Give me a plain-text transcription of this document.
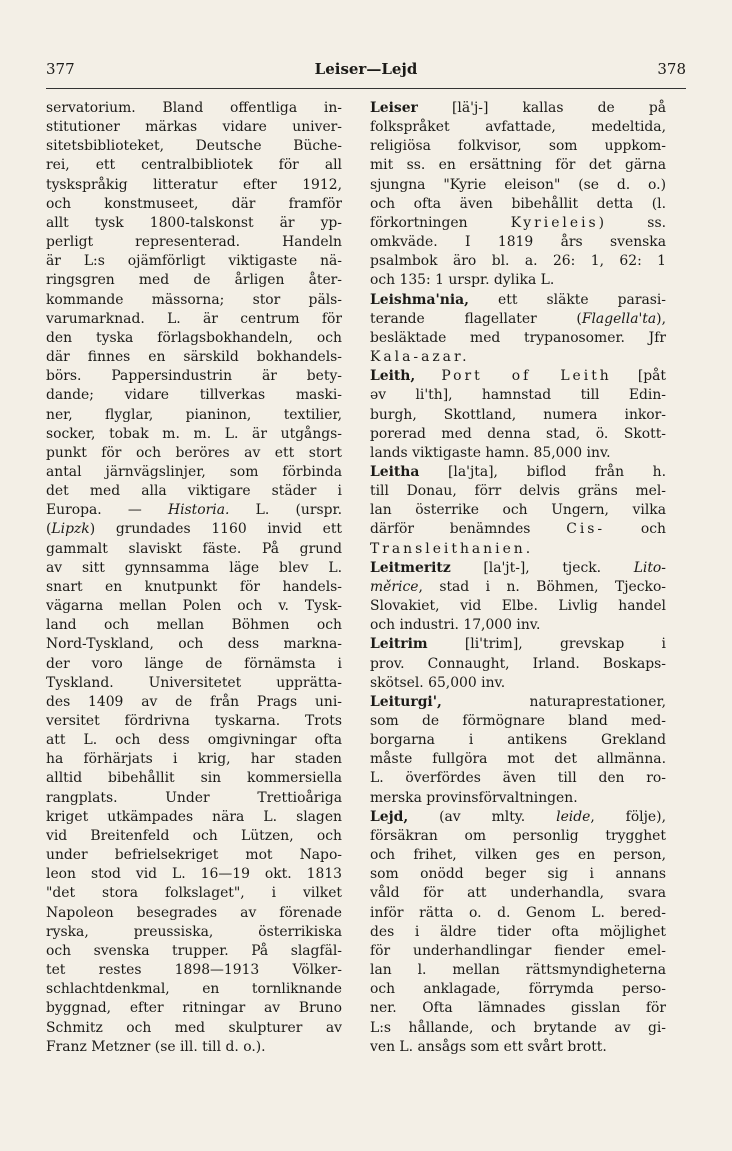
377	Leiser—Lejd	378
servatorium. Bland offentliga in-
stitutioner märkas vidare univer-
sitetsbiblioteket, Deutsche Büche-
rei, ett centralbibliotek för all
tyskspråkig litteratur efter 1912,
och konstmuseet, där framför
allt tysk 1800-talskonst är yp-
perligt representerad. Handeln
är L:s ojämförligt viktigaste nä-
ringsgren med de årligen åter-
kommande mässorna; stor päls-
varumarknad. L. är centrum för
den tyska förlagsbokhandeln, och
där finnes en särskild bokhandels-
börs. Pappersindustrin är bety-
dande; vidare tillverkas maski-
ner, flyglar, pianinon, textilier,
socker, tobak m. m. L. är utgångs-
punkt för och beröres av ett stort
antal järnvägslinjer, som förbinda
det med alla viktigare städer i
Europa. — Historia. L. (urspr.
(Lipzk) grundades 1160 invid ett
gammalt slaviskt fäste. På grund
av sitt gynnsamma läge blev L.
snart en knutpunkt för handels-
vägarna mellan Polen och v. Tysk-
land och mellan Böhmen och
Nord-Tyskland, och dess markna-
der voro länge de förnämsta i
Tyskland. Universitetet upprätta-
des 1409 av de från Prags uni-
versitet fördrivna tyskarna. Trots
att L. och dess omgivningar ofta
ha förhärjats i krig, har staden
alltid bibehållit sin kommersiella
rangplats. Under Trettioåriga
kriget utkämpades nära L. slagen
vid Breitenfeld och Lützen, och
under befrielsekriget mot Napo-
leon stod vid L. 16—19 okt. 1813
"det stora folkslaget", i vilket
Napoleon besegrades av förenade
ryska, preussiska, österrikiska
och svenska trupper. På slagfäl-
tet restes 1898—1913 Völker-
schlachtdenkmal, en tornliknande
byggnad, efter ritningar av Bruno
Schmitz och med skulpturer av
Franz Metzner (se ill. till d. o.).
Leiser [lä'j-] kallas de på
folkspråket avfattade, medeltida,
religiösa folkvisor, som uppkom-
mit ss. en ersättning för det gärna
sjungna "Kyrie eleison" (se d. o.)
och ofta även bibehållit detta (l.
förkortningen Kyrieleis) ss.
omkväde. I 1819 års svenska
psalmbok äro bl. a. 26: 1, 62: 1
och 135: 1 urspr. dylika L.
Leishma'nia, ett släkte parasi-
terande flagellater (Flagella'ta),
besläktade med trypanosomer. Jfr
Kala-azar.
Leith, Port of Leith [påt
əv li'th], hamnstad till Edin-
burgh, Skottland, numera inkor-
porerad med denna stad, ö. Skott-
lands viktigaste hamn. 85,000 inv.
Leitha [la'jta], biflod från h.
till Donau, förr delvis gräns mel-
lan österrike och Ungern, vilka
därför benämndes Cis- och
Transleithanien.
Leitmeritz [la'jt-], tjeck. Lito-
měrice, stad i n. Böhmen, Tjecko-
Slovakiet, vid Elbe. Livlig handel
och industri. 17,000 inv.
Leitrim [li'trim], grevskap i
prov. Connaught, Irland. Boskaps-
skötsel. 65,000 inv.
Leiturgi', naturaprestationer,
som de förmögnare bland med-
borgarna i antikens Grekland
måste fullgöra mot det allmänna.
L. överfördes även till den ro-
merska provinsförvaltningen.
Lejd, (av mlty. leide, följe),
försäkran om personlig trygghet
och frihet, vilken ges en person,
som onödd beger sig i annans
våld för att underhandla, svara
inför rätta o. d. Genom L. bered-
des i äldre tider ofta möjlighet
för underhandlingar fiender emel-
lan l. mellan rättsmyndigheterna
och anklagade, förrymda perso-
ner. Ofta lämnades gisslan för
L:s hållande, och brytande av gi-
ven L. ansågs som ett svårt brott.
